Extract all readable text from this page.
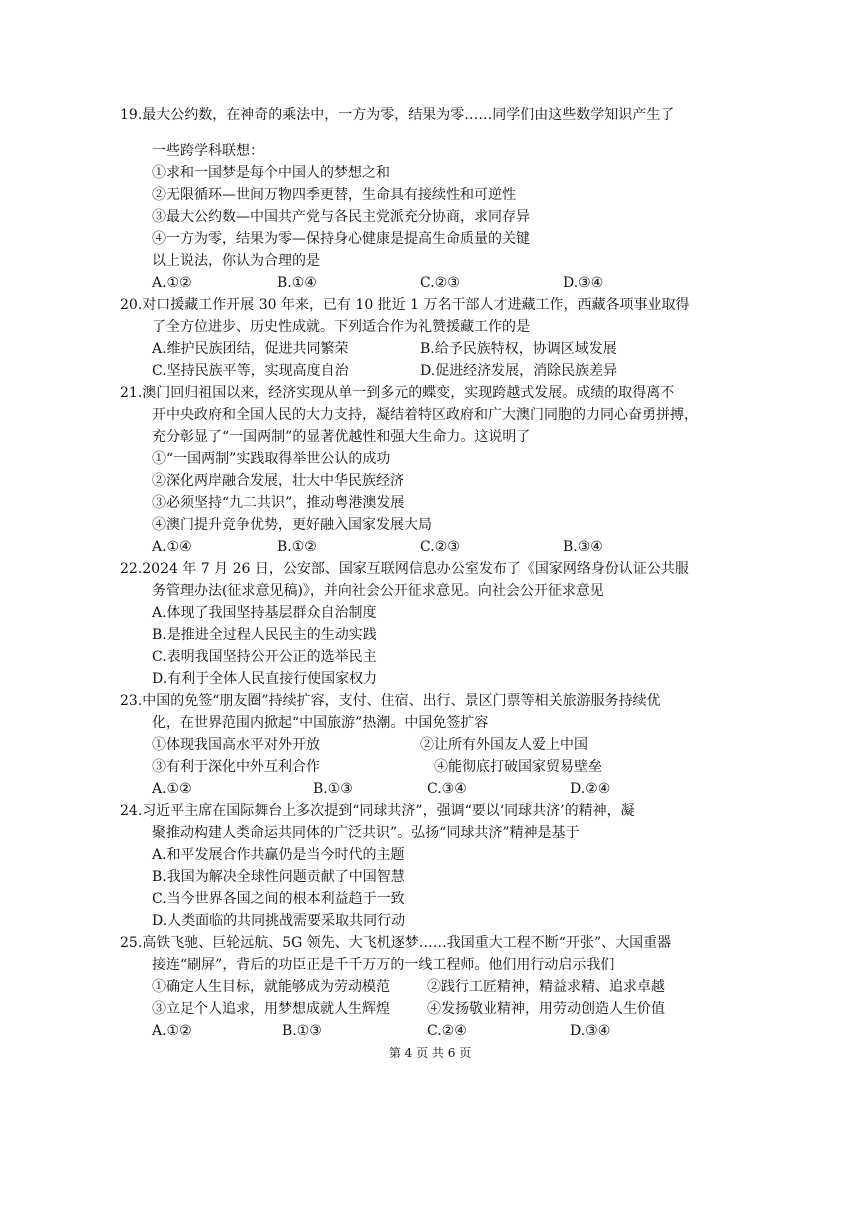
19.最大公约数，在神奇的乘法中，一方为零，结果为零……同学们由这些数学知识产生了
一些跨学科联想：
①求和一国梦是每个中国人的梦想之和
②无限循环—世间万物四季更替，生命具有接续性和可逆性
③最大公约数—中国共产党与各民主党派充分协商，求同存异
④一方为零，结果为零—保持身心健康是提高生命质量的关键
以上说法，你认为合理的是
A.①②	B.①④	C.②③	D.③④
20.对口援藏工作开展 30 年来，已有 10 批近 1 万名干部人才进藏工作，西藏各项事业取得
了全方位进步、历史性成就。下列适合作为礼赞援藏工作的是
A.维护民族团结，促进共同繁荣	B.给予民族特权，协调区域发展
C.坚持民族平等，实现高度自治	D.促进经济发展，消除民族差异
21.澳门回归祖国以来，经济实现从单一到多元的蝶变，实现跨越式发展。成绩的取得离不
开中央政府和全国人民的大力支持，凝结着特区政府和广大澳门同胞的力同心奋勇拼搏，
充分彰显了“一国两制”的显著优越性和强大生命力。这说明了
①“一国两制”实践取得举世公认的成功
②深化两岸融合发展，壮大中华民族经济
③必须坚持“九二共识”，推动粤港澳发展
④澳门提升竞争优势，更好融入国家发展大局
A.①④	B.①②	C.②③	B.③④
22.2024 年 7 月 26 日，公安部、国家互联网信息办公室发布了《国家网络身份认证公共服
务管理办法(征求意见稿)》，并向社会公开征求意见。向社会公开征求意见
A.体现了我国坚持基层群众自治制度
B.是推进全过程人民民主的生动实践
C.表明我国坚持公开公正的选举民主
D.有利于全体人民直接行使国家权力
23.中国的免签“朋友圈”持续扩容，支付、住宿、出行、景区门票等相关旅游服务持续优
化，在世界范围内掀起“中国旅游”热潮。中国免签扩容
①体现我国高水平对外开放	②让所有外国友人爱上中国
③有利于深化中外互利合作	④能彻底打破国家贸易壁垒
A.①②	B.①③	C.③④	D.②④
24.习近平主席在国际舞台上多次提到“同球共济”，强调“要以‘同球共济’的精神，凝
聚推动构建人类命运共同体的广泛共识”。弘扬“同球共济”精神是基于
A.和平发展合作共赢仍是当今时代的主题
B.我国为解决全球性问题贡献了中国智慧
C.当今世界各国之间的根本利益趋于一致
D.人类面临的共同挑战需要采取共同行动
25.高铁飞驰、巨轮远航、5G 领先、大飞机逐梦……我国重大工程不断“开张”、大国重器
接连“刷屏”，背后的功臣正是千千万万的一线工程师。他们用行动启示我们
①确定人生目标，就能够成为劳动模范	②践行工匠精神，精益求精、追求卓越
③立足个人追求，用梦想成就人生辉煌	④发扬敬业精神，用劳动创造人生价值
A.①②	B.①③	C.②④	D.③④
第 4 页 共 6 页
